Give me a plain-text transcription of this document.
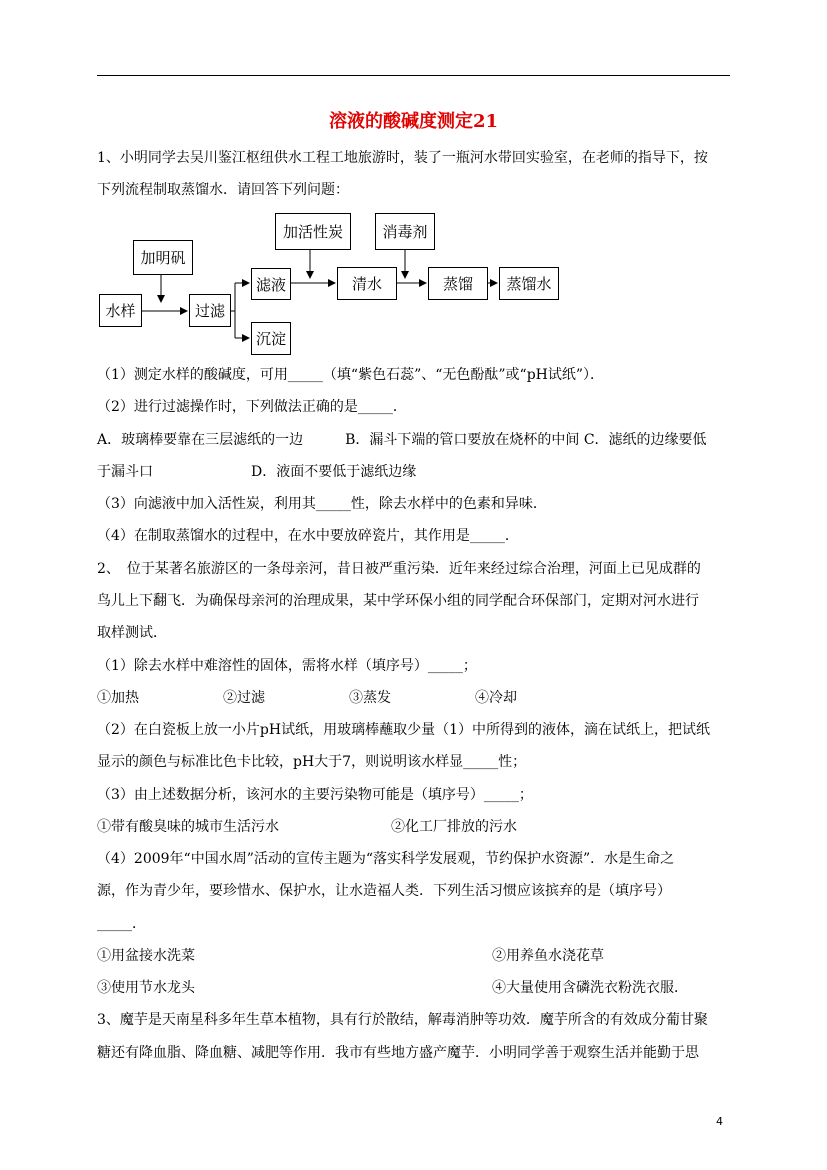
溶液的酸碱度测定21
1、小明同学去吴川鉴江枢纽供水工程工地旅游时，装了一瓶河水带回实验室，在老师的指导下，按
下列流程制取蒸馏水．请回答下列问题：
加明矾
水样	过滤
滤液
沉淀
加活性炭
清水
消毒剂
蒸馏	蒸馏水
（1）测定水样的酸碱度，可用_____（填“紫色石蕊”、“无色酚酞”或“pH试纸”）．
（2）进行过滤操作时，下列做法正确的是_____．
A．玻璃棒要靠在三层滤纸的一边　　　B．漏斗下端的管口要放在烧杯的中间 C．滤纸的边缘要低
于漏斗口　　　　　　　D．液面不要低于滤纸边缘
（3）向滤液中加入活性炭，利用其_____性，除去水样中的色素和异味．
（4）在制取蒸馏水的过程中，在水中要放碎瓷片，其作用是_____．
2、　位于某著名旅游区的一条母亲河，昔日被严重污染．近年来经过综合治理，河面上已见成群的
鸟儿上下翻飞．为确保母亲河的治理成果，某中学环保小组的同学配合环保部门，定期对河水进行
取样测试．
（1）除去水样中难溶性的固体，需将水样（填序号）_____；
①加热　　　　　　②过滤　　　　　　③蒸发　　　　　　④冷却
（2）在白瓷板上放一小片pH试纸，用玻璃棒蘸取少量（1）中所得到的液体，滴在试纸上，把试纸
显示的颜色与标准比色卡比较，pH大于7，则说明该水样显_____性；
（3）由上述数据分析，该河水的主要污染物可能是（填序号）_____；
①带有酸臭味的城市生活污水　　　　　　　　②化工厂排放的污水
（4）2009年“中国水周”活动的宣传主题为“落实科学发展观，节约保护水资源”．水是生命之
源，作为青少年，要珍惜水、保护水，让水造福人类．下列生活习惯应该摈弃的是（填序号）
_____．
①用盆接水洗菜	②用养鱼水浇花草
③使用节水龙头	④大量使用含磷洗衣粉洗衣服．
3、魔芋是天南星科多年生草本植物，具有行於散结，解毒消肿等功效．魔芋所含的有效成分葡甘聚
糖还有降血脂、降血糖、减肥等作用．我市有些地方盛产魔芋．小明同学善于观察生活并能勤于思
4
